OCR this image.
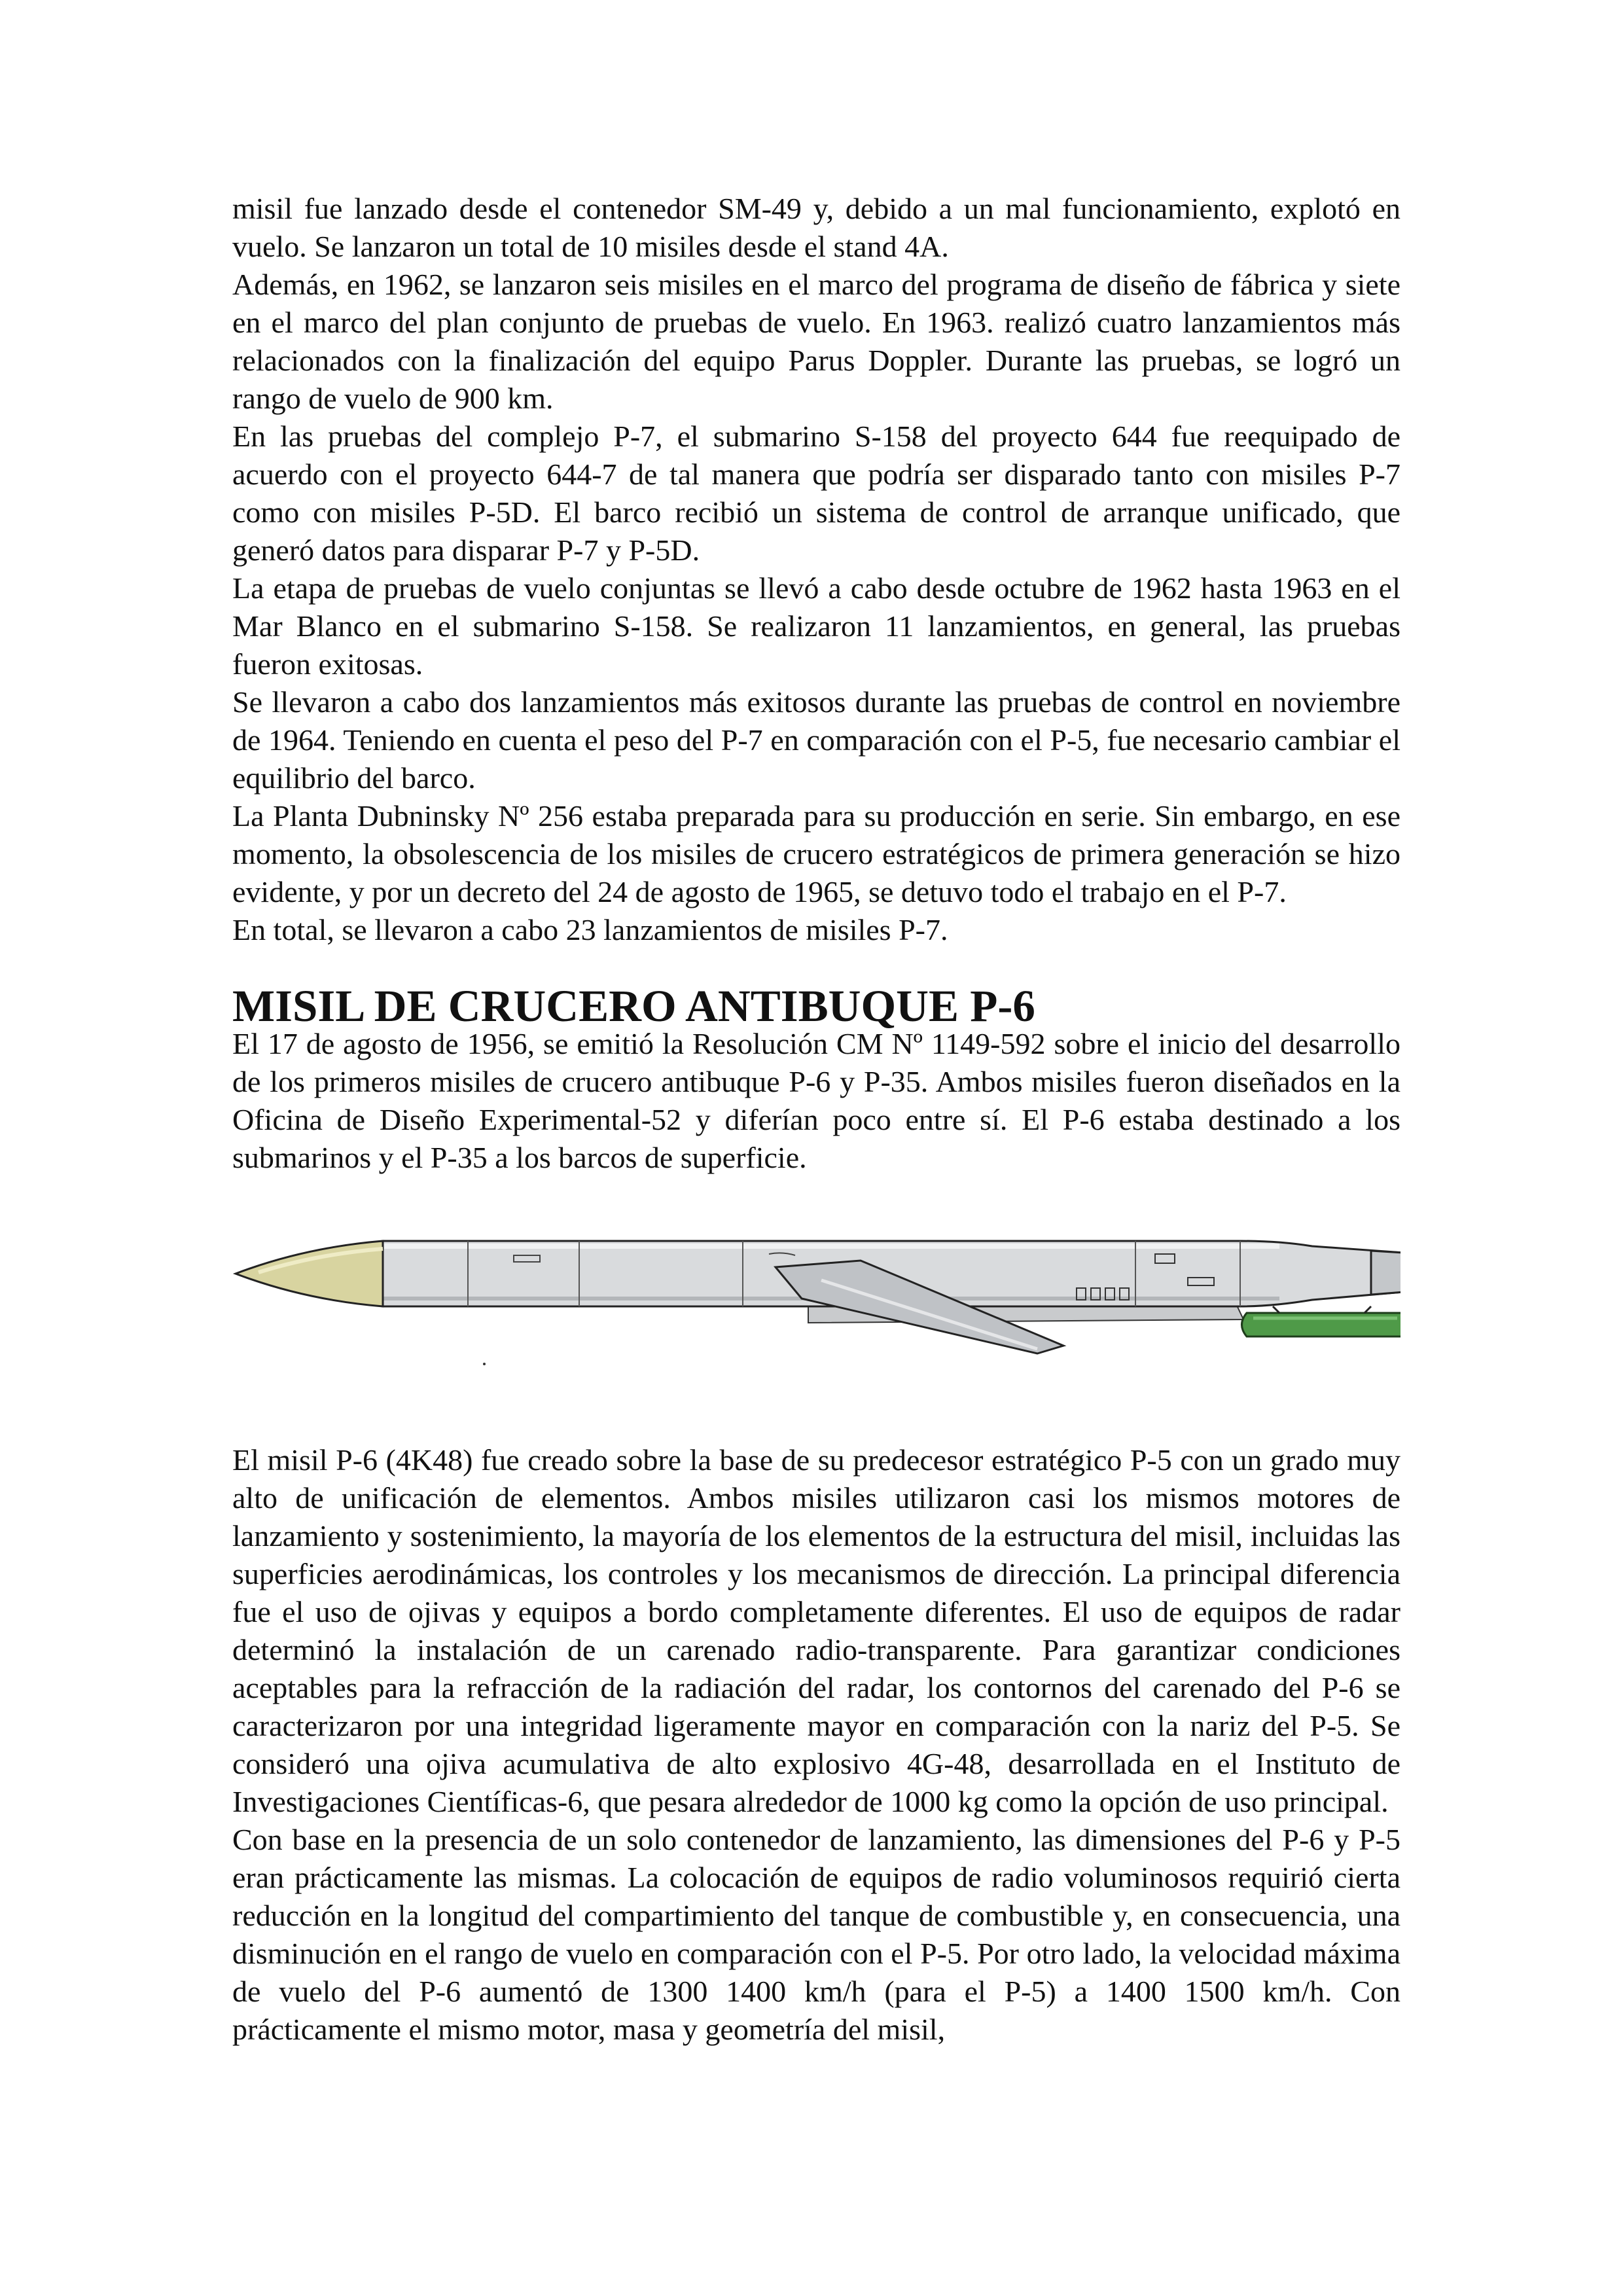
misil fue lanzado desde el contenedor SM-49 y, debido a un mal funcionamiento, explotó en vuelo. Se lanzaron un total de 10 misiles desde el stand 4A.

Además, en 1962, se lanzaron seis misiles en el marco del programa de diseño de fábrica y siete en el marco del plan conjunto de pruebas de vuelo. En 1963. realizó cuatro lanzamientos más relacionados con la finalización del equipo Parus Doppler. Durante las pruebas, se logró un rango de vuelo de 900 km.

En las pruebas del complejo P-7, el submarino S-158 del proyecto 644 fue reequipado de acuerdo con el proyecto 644-7 de tal manera que podría ser disparado tanto con misiles P-7 como con misiles P-5D. El barco recibió un sistema de control de arranque unificado, que generó datos para disparar P-7 y P-5D.

La etapa de pruebas de vuelo conjuntas se llevó a cabo desde octubre de 1962 hasta 1963 en el Mar Blanco en el submarino S-158. Se realizaron 11 lanzamientos, en general, las pruebas fueron exitosas.

Se llevaron a cabo dos lanzamientos más exitosos durante las pruebas de control en noviembre de 1964. Teniendo en cuenta el peso del P-7 en comparación con el P-5, fue necesario cambiar el equilibrio del barco.

La Planta Dubninsky Nº 256 estaba preparada para su producción en serie. Sin embargo, en ese momento, la obsolescencia de los misiles de crucero estratégicos de primera generación se hizo evidente, y por un decreto del 24 de agosto de 1965, se detuvo todo el trabajo en el P-7.

En total, se llevaron a cabo 23 lanzamientos de misiles P-7.

MISIL DE CRUCERO ANTIBUQUE P-6

El 17 de agosto de 1956, se emitió la Resolución CM Nº 1149-592 sobre el inicio del desarrollo de los primeros misiles de crucero antibuque P-6 y P-35. Ambos misiles fueron diseñados en la Oficina de Diseño Experimental-52 y diferían poco entre sí. El P-6 estaba destinado a los submarinos y el P-35 a los barcos de superficie.

El misil P-6 (4K48) fue creado sobre la base de su predecesor estratégico P-5 con un grado muy alto de unificación de elementos. Ambos misiles utilizaron casi los mismos motores de lanzamiento y sostenimiento, la mayoría de los elementos de la estructura del misil, incluidas las superficies aerodinámicas, los controles y los mecanismos de dirección. La principal diferencia fue el uso de ojivas y equipos a bordo completamente diferentes. El uso de equipos de radar determinó la instalación de un carenado radio-transparente. Para garantizar condiciones aceptables para la refracción de la radiación del radar, los contornos del carenado del P-6 se caracterizaron por una integridad ligeramente mayor en comparación con la nariz del P-5. Se consideró una ojiva acumulativa de alto explosivo 4G-48, desarrollada en el Instituto de Investigaciones Científicas-6, que pesara alrededor de 1000 kg como la opción de uso principal.

Con base en la presencia de un solo contenedor de lanzamiento, las dimensiones del P-6 y P-5 eran prácticamente las mismas. La colocación de equipos de radio voluminosos requirió cierta reducción en la longitud del compartimiento del tanque de combustible y, en consecuencia, una disminución en el rango de vuelo en comparación con el P-5. Por otro lado, la velocidad máxima de vuelo del P-6 aumentó de 1300 1400 km/h (para el P-5) a 1400 1500 km/h. Con prácticamente el mismo motor, masa y geometría del misil,
